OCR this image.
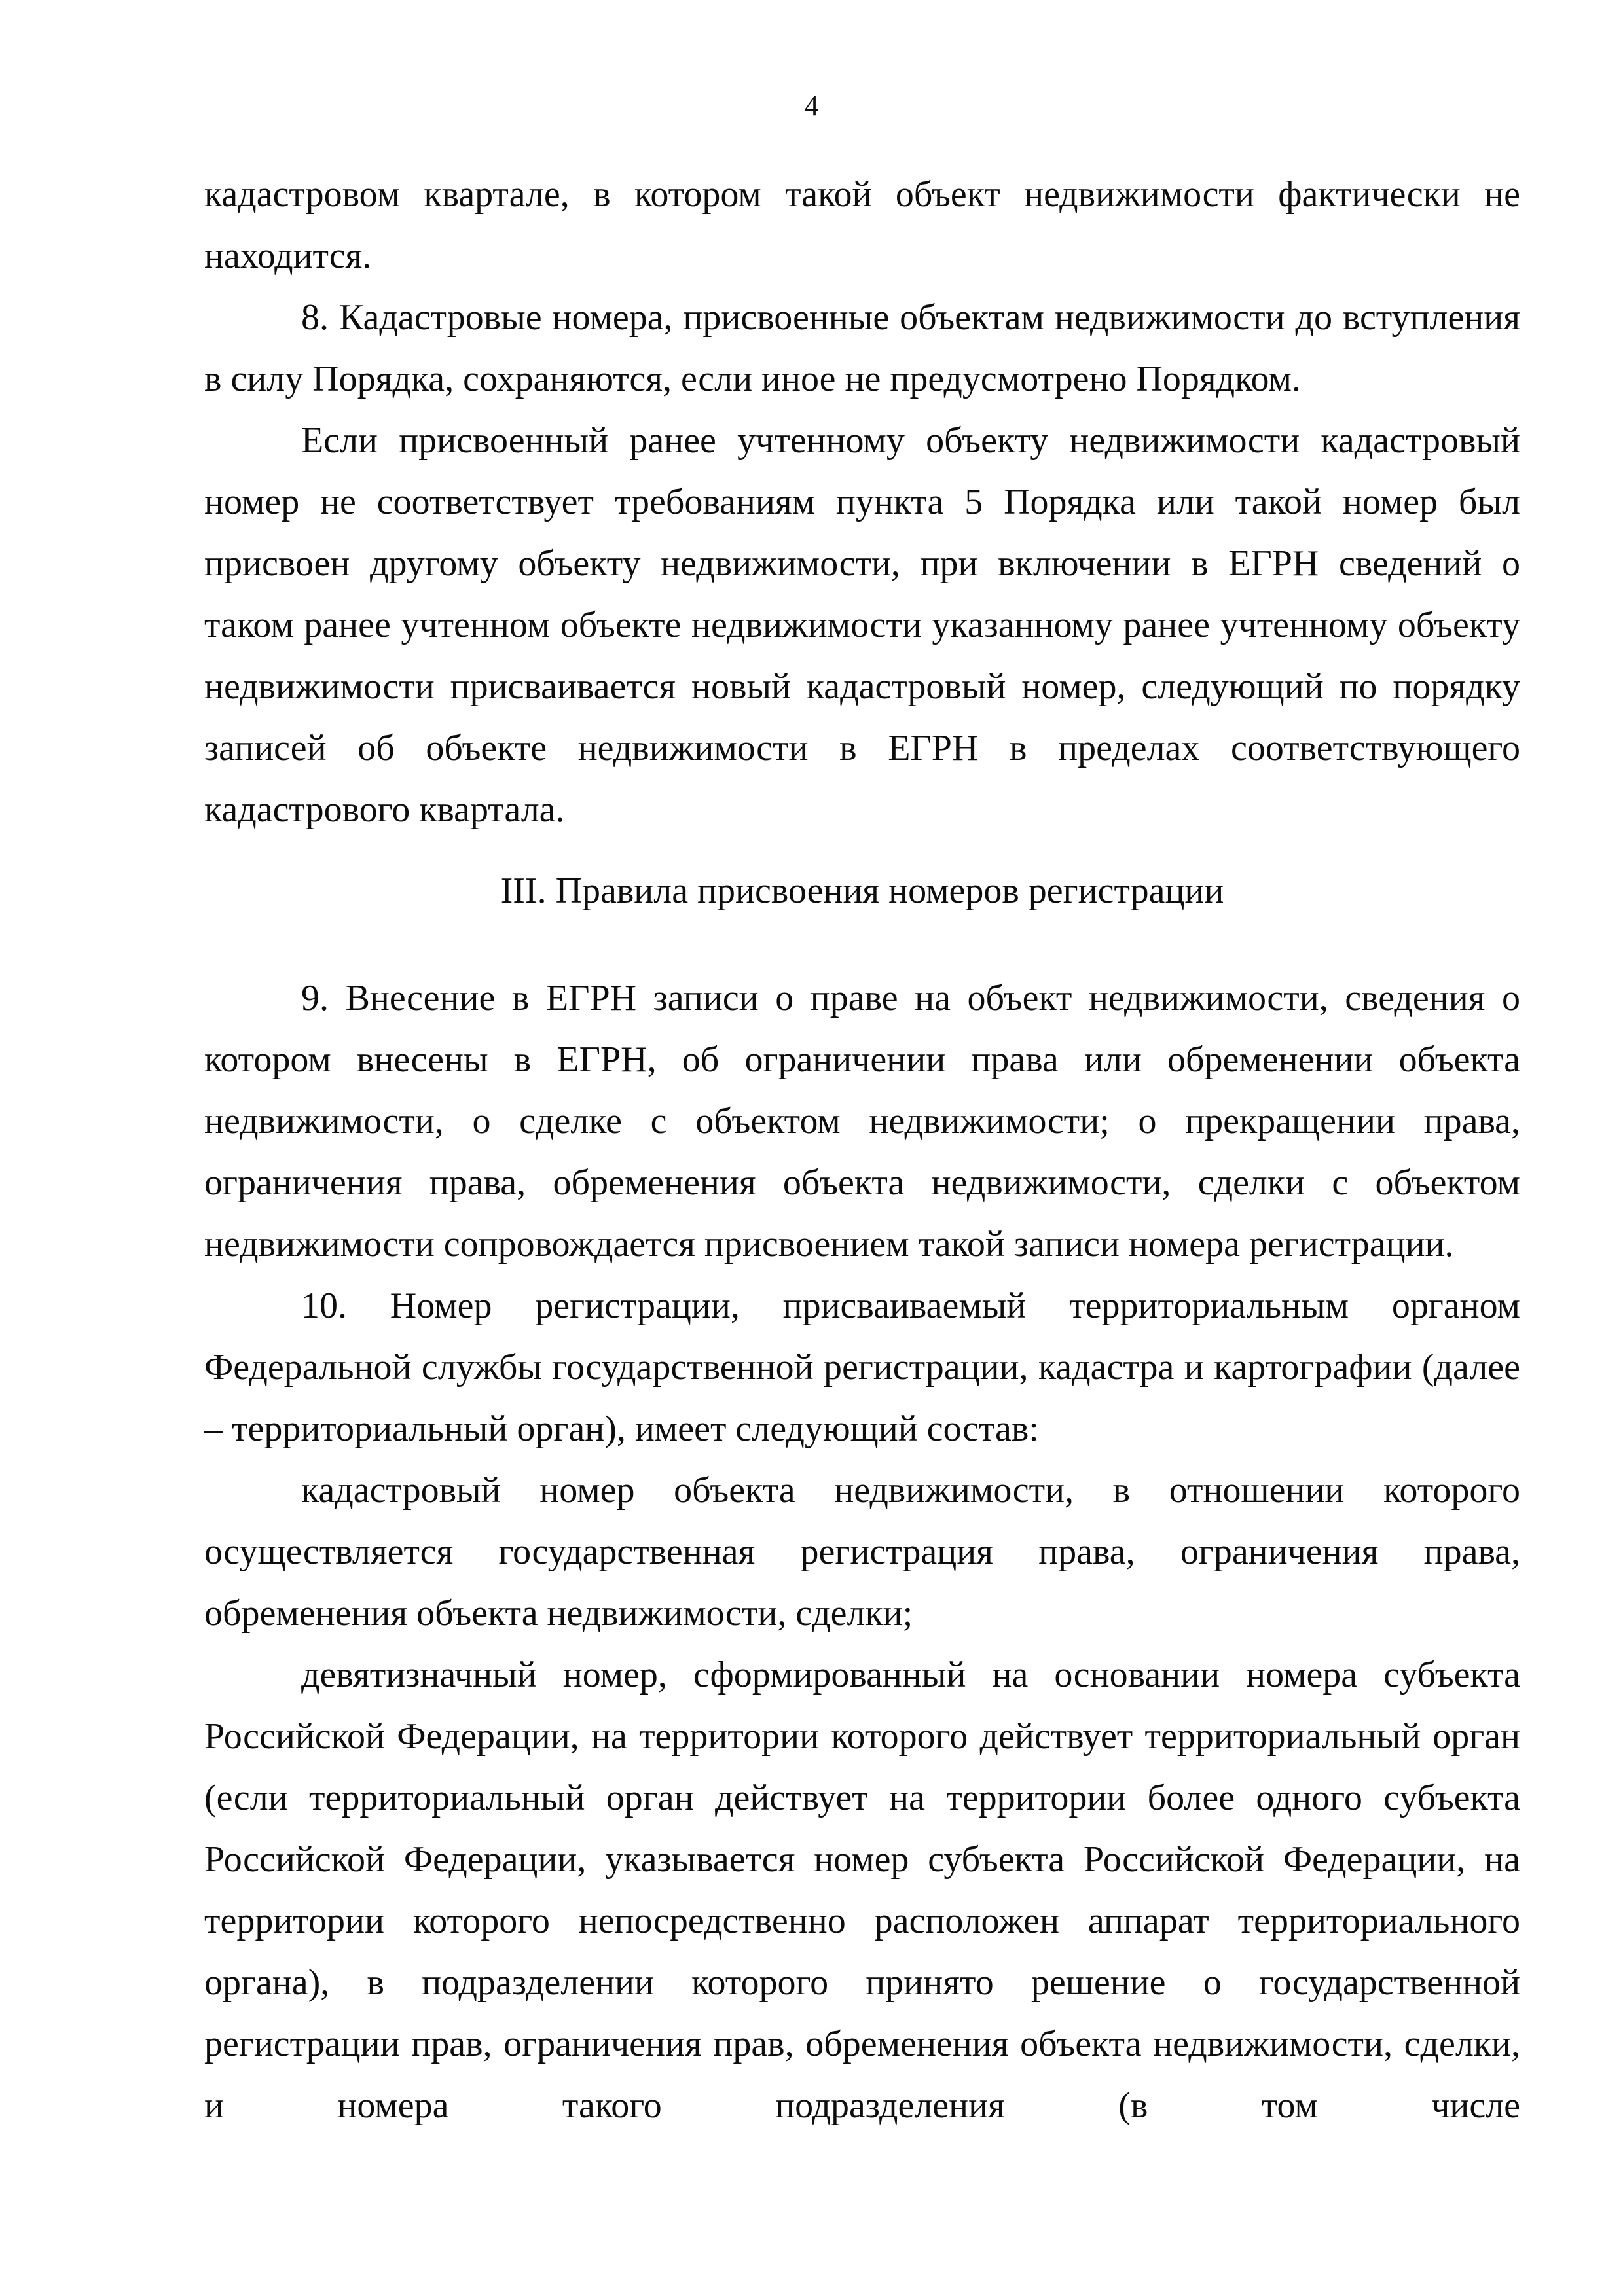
4

кадастровом квартале, в котором такой объект недвижимости фактически не находится.

8. Кадастровые номера, присвоенные объектам недвижимости до вступления в силу Порядка, сохраняются, если иное не предусмотрено Порядком.

Если присвоенный ранее учтенному объекту недвижимости кадастровый номер не соответствует требованиям пункта 5 Порядка или такой номер был присвоен другому объекту недвижимости, при включении в ЕГРН сведений о таком ранее учтенном объекте недвижимости указанному ранее учтенному объекту недвижимости присваивается новый кадастровый номер, следующий по порядку записей об объекте недвижимости в ЕГРН в пределах соответствующего кадастрового квартала.

III. Правила присвоения номеров регистрации

9. Внесение в ЕГРН записи о праве на объект недвижимости, сведения о котором внесены в ЕГРН, об ограничении права или обременении объекта недвижимости, о сделке с объектом недвижимости; о прекращении права, ограничения права, обременения объекта недвижимости, сделки с объектом недвижимости сопровождается присвоением такой записи номера регистрации.

10. Номер регистрации, присваиваемый территориальным органом Федеральной службы государственной регистрации, кадастра и картографии (далее – территориальный орган), имеет следующий состав:

кадастровый номер объекта недвижимости, в отношении которого осуществляется государственная регистрация права, ограничения права, обременения объекта недвижимости, сделки;

девятизначный номер, сформированный на основании номера субъекта Российской Федерации, на территории которого действует территориальный орган (если территориальный орган действует на территории более одного субъекта Российской Федерации, указывается номер субъекта Российской Федерации, на территории которого непосредственно расположен аппарат территориального органа), в подразделении которого принято решение о государственной регистрации прав, ограничения прав, обременения объекта недвижимости, сделки, и номера такого подразделения (в том числе
